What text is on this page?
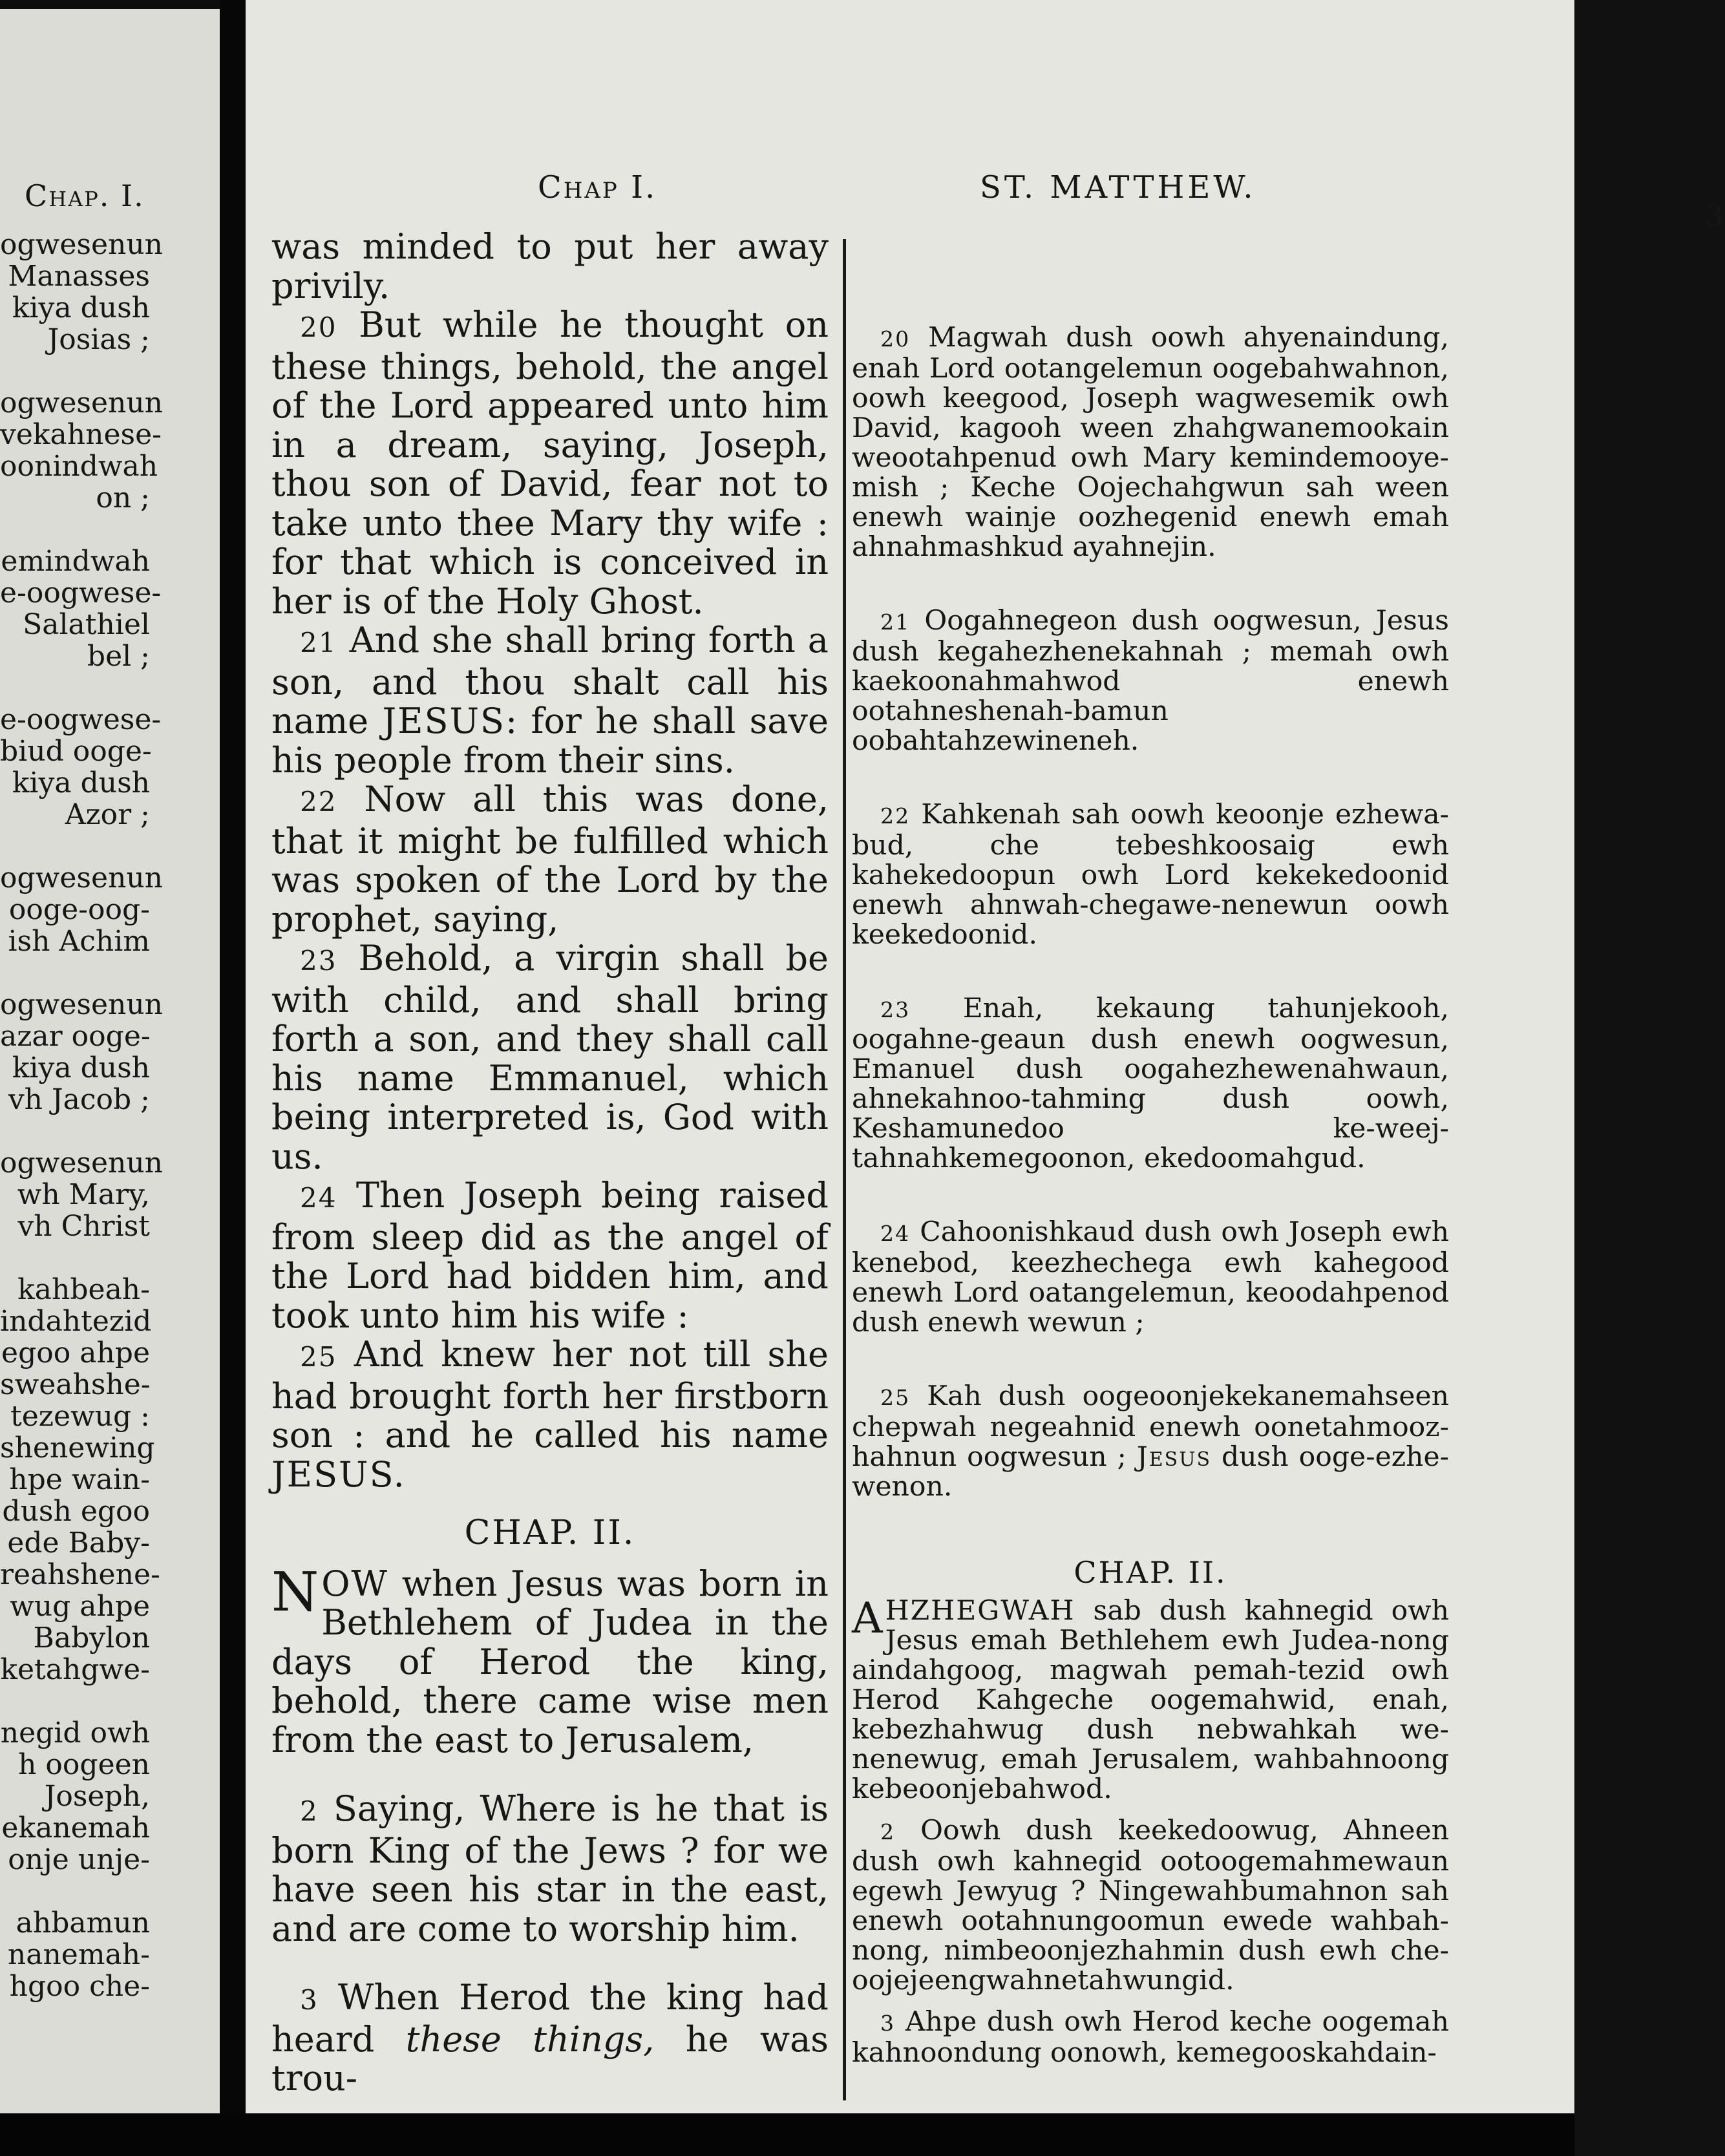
Chap. I.
ogwesenun
Manasses
kiya dush
Josias ;

ogwesenun
vekahnese-
oonindwah
on ;

emindwah
e-oogwese-
Salathiel
bel ;

e-oogwese-
biud ooge-
kiya dush
Azor ;

ogwesenun
ooge-oog-
ish Achim

ogwesenun
azar ooge-
kiya dush
vh Jacob ;

ogwesenun
wh Mary,
vh Christ

kahbeah-
indahtezid
egoo ahpe
sweahshe-
tezewug :
shenewing
hpe wain-
dush egoo
ede Baby-
reahshene-
wug ahpe
Babylon
ketahgwe-

negid owh
h oogeen
Joseph,
ekanemah
onje unje-

ahbamun
nanemah-
hgoo che-
Chap I.	ST. MATTHEW.
3

was minded to put her away privily.

20 But while he thought on these things, behold, the angel of the Lord appeared unto him in a dream, saying, Joseph, thou son of David, fear not to take unto thee Mary thy wife : for that which is conceived in her is of the Holy Ghost.

21 And she shall bring forth a son, and thou shalt call his name JESUS: for he shall save his people from their sins.

22 Now all this was done, that it might be fulfilled which was spoken of the Lord by the prophet, saying,

23 Behold, a virgin shall be with child, and shall bring forth a son, and they shall call his name Emmanuel, which being interpreted is, God with us.

24 Then Joseph being raised from sleep did as the angel of the Lord had bidden him, and took unto him his wife :

25 And knew her not till she had brought forth her firstborn son : and he called his name JESUS.

CHAP. II.

NOW when Jesus was born in Bethlehem of Judea in the days of Herod the king, behold, there came wise men from the east to Jerusalem,

2 Saying, Where is he that is born King of the Jews ? for we have seen his star in the east, and are come to worship him.

3 When Herod the king had heard these things, he was trou-

20 Magwah dush oowh ahyenaindung, enah Lord ootangelemun oogebahwahnon, oowh keegood, Joseph wagwesemik owh David, kagooh ween zhahgwanemookain weootahpenud owh Mary kemindemooye-mish ; Keche Oojechahgwun sah ween enewh wainje oozhegenid enewh emah ahnahmashkud ayahnejin.

21 Oogahnegeon dush oogwesun, Jesus dush kegahezhenekahnah ; memah owh kaekoonahmahwod enewh ootahneshenah-bamun oobahtahzewineneh.

22 Kahkenah sah oowh keoonje ezhewa-bud, che tebeshkoosaig ewh kahekedoopun owh Lord kekekedoonid enewh ahnwah-chegawe-nenewun oowh keekedoonid.

23 Enah, kekaung tahunjekooh, oogahne-geaun dush enewh oogwesun, Emanuel dush oogahezhewenahwaun, ahnekahnoo-tahming dush oowh, Keshamunedoo ke-weej-tahnahkemegoonon, ekedoomahgud.

24 Cahoonishkaud dush owh Joseph ewh kenebod, keezhechega ewh kahegood enewh Lord oatangelemun, keoodahpenod dush enewh wewun ;

25 Kah dush oogeoonjekekanemahseen chepwah negeahnid enewh oonetahmooz-hahnun oogwesun ; Jesus dush ooge-ezhe-wenon.

CHAP. II.

AHZHEGWAH sab dush kahnegid owh Jesus emah Bethlehem ewh Judea-nong aindahgoog, magwah pemah-tezid owh Herod Kahgeche oogemahwid, enah, kebezhahwug dush nebwahkah we-nenewug, emah Jerusalem, wahbahnoong kebeoonjebahwod.

2 Oowh dush keekedoowug, Ahneen dush owh kahnegid ootoogemahmewaun egewh Jewyug ? Ningewahbumahnon sah enewh ootahnungoomun ewede wahbah-nong, nimbeoonjezhahmin dush ewh che-oojejeengwahnetahwungid.

3 Ahpe dush owh Herod keche oogemah kahnoondung oonowh, kemegooskahdain-
